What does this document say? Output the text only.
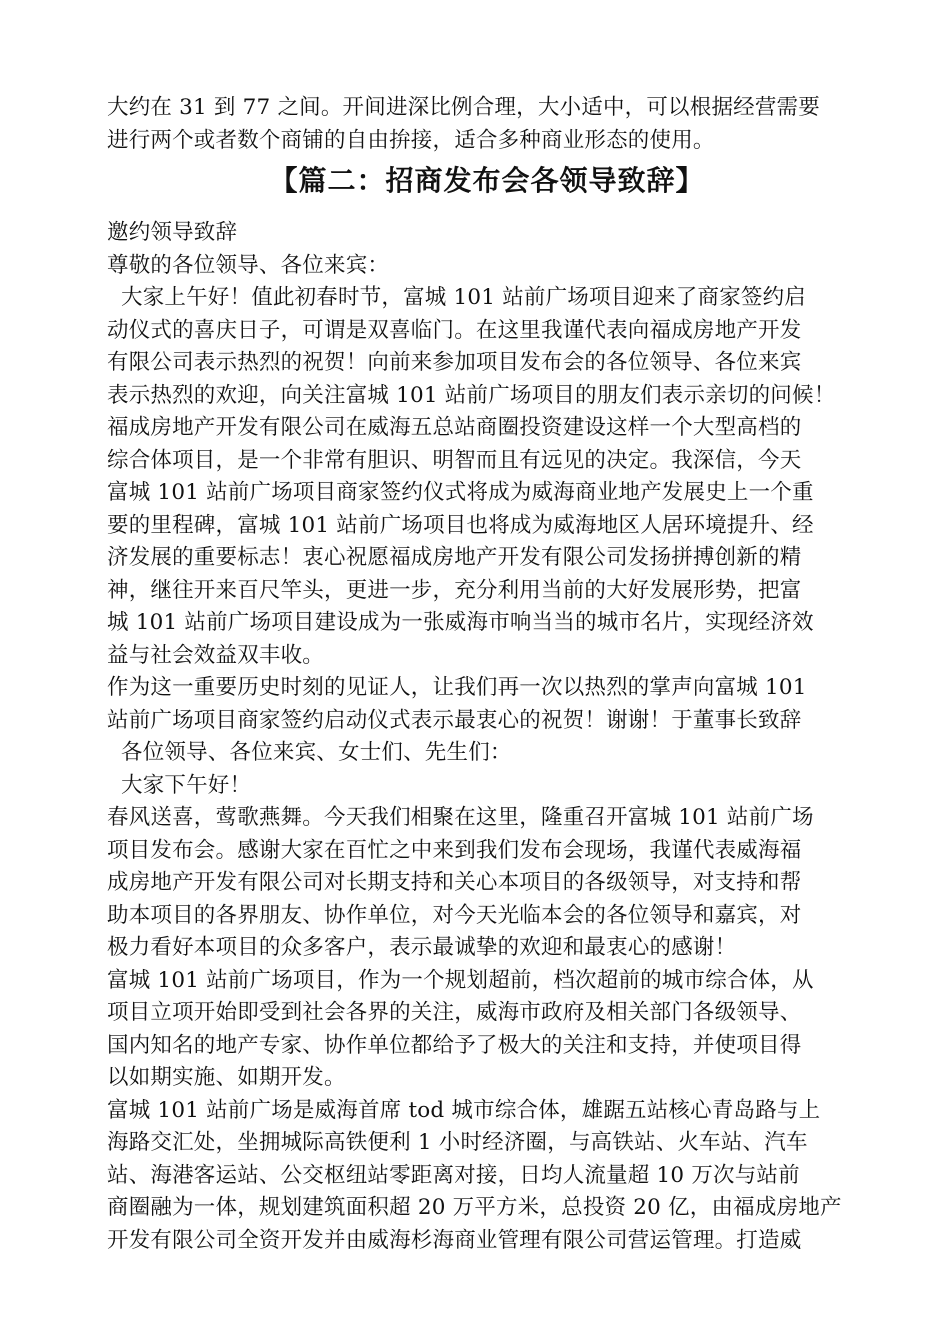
大约在 31 到 77 之间。开间进深比例合理，大小适中，可以根据经营需要
进行两个或者数个商铺的自由拚接，适合多种商业形态的使用。
【篇二：招商发布会各领导致辞】
邀约领导致辞
尊敬的各位领导、各位来宾：
大家上午好！值此初春时节，富城 101 站前广场项目迎来了商家签约启
动仪式的喜庆日子，可谓是双喜临门。在这里我谨代表向福成房地产开发
有限公司表示热烈的祝贺！向前来参加项目发布会的各位领导、各位来宾
表示热烈的欢迎，向关注富城 101 站前广场项目的朋友们表示亲切的问候！
福成房地产开发有限公司在威海五总站商圈投资建设这样一个大型高档的
综合体项目，是一个非常有胆识、明智而且有远见的决定。我深信，今天
富城 101 站前广场项目商家签约仪式将成为威海商业地产发展史上一个重
要的里程碑，富城 101 站前广场项目也将成为威海地区人居环境提升、经
济发展的重要标志！衷心祝愿福成房地产开发有限公司发扬拼搏创新的精
神，继往开来百尺竿头，更进一步，充分利用当前的大好发展形势，把富
城 101 站前广场项目建设成为一张威海市响当当的城市名片，实现经济效
益与社会效益双丰收。
作为这一重要历史时刻的见证人，让我们再一次以热烈的掌声向富城 101
站前广场项目商家签约启动仪式表示最衷心的祝贺！谢谢！于董事长致辞
各位领导、各位来宾、女士们、先生们：
大家下午好！
春风送喜，莺歌燕舞。今天我们相聚在这里，隆重召开富城 101 站前广场
项目发布会。感谢大家在百忙之中来到我们发布会现场，我谨代表威海福
成房地产开发有限公司对长期支持和关心本项目的各级领导，对支持和帮
助本项目的各界朋友、协作单位，对今天光临本会的各位领导和嘉宾，对
极力看好本项目的众多客户，表示最诚挚的欢迎和最衷心的感谢！
富城 101 站前广场项目，作为一个规划超前，档次超前的城市综合体，从
项目立项开始即受到社会各界的关注，威海市政府及相关部门各级领导、
国内知名的地产专家、协作单位都给予了极大的关注和支持，并使项目得
以如期实施、如期开发。
富城 101 站前广场是威海首席 tod 城市综合体，雄踞五站核心青岛路与上
海路交汇处，坐拥城际高铁便利 1 小时经济圈，与高铁站、火车站、汽车
站、海港客运站、公交枢纽站零距离对接，日均人流量超 10 万次与站前
商圈融为一体，规划建筑面积超 20 万平方米，总投资 20 亿，由福成房地产
开发有限公司全资开发并由威海杉海商业管理有限公司营运管理。打造威
